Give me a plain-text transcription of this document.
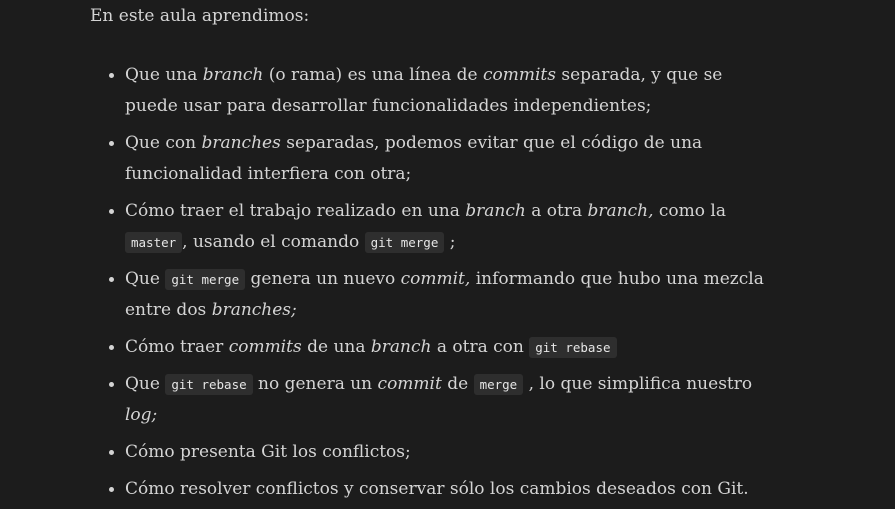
En este aula aprendimos:

• Que una branch (o rama) es una línea de commits separada, y que se puede usar para desarrollar funcionalidades independientes;
• Que con branches separadas, podemos evitar que el código de una funcionalidad interfiera con otra;
• Cómo traer el trabajo realizado en una branch a otra branch, como la master , usando el comando git merge ;
• Que git merge genera un nuevo commit, informando que hubo una mezcla entre dos branches;
• Cómo traer commits de una branch a otra con git rebase
• Que git rebase no genera un commit de merge , lo que simplifica nuestro log;
• Cómo presenta Git los conflictos;
• Cómo resolver conflictos y conservar sólo los cambios deseados con Git.
